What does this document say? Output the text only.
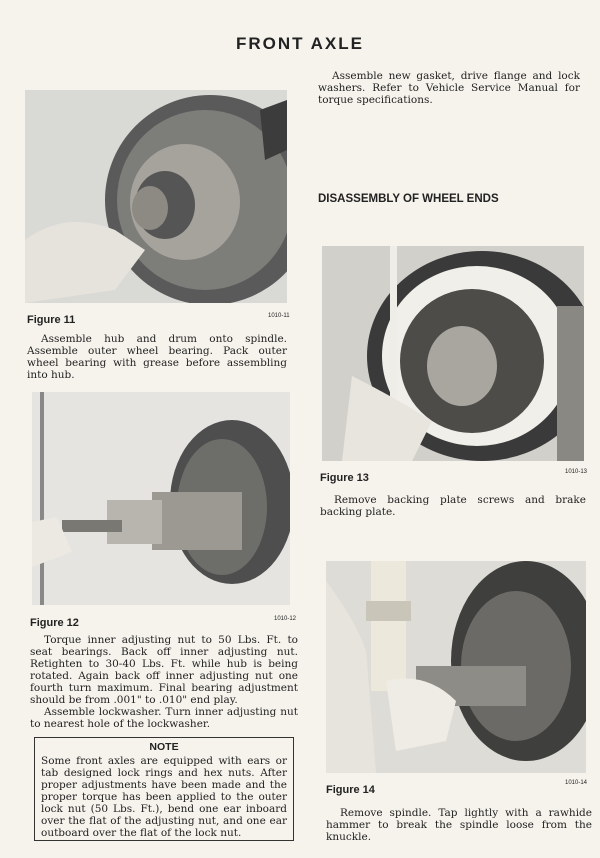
FRONT AXLE
Figure 11	1010-11

Assemble hub and drum onto spindle. Assemble outer wheel bearing. Pack outer wheel bearing with grease before assembling into hub.

Figure 12	1010-12

Torque inner adjusting nut to 50 Lbs. Ft. to seat bearings. Back off inner adjusting nut. Retighten to 30-40 Lbs. Ft. while hub is being rotated. Again back off inner adjusting nut one fourth turn maximum. Final bearing adjustment should be from .001" to .010" end play.

Assemble lockwasher. Turn inner adjusting nut to nearest hole of the lockwasher.

NOTE
Some front axles are equipped with ears or tab designed lock rings and hex nuts. After proper adjustments have been made and the proper torque has been applied to the outer lock nut (50 Lbs. Ft.), bend one ear inboard over the flat of the adjusting nut, and one ear outboard over the flat of the lock nut.

Assemble new gasket, drive flange and lock washers. Refer to Vehicle Service Manual for torque specifications.

DISASSEMBLY OF WHEEL ENDS
Figure 13	1010-13

Remove backing plate screws and brake backing plate.

Figure 14
1010-14

Remove spindle. Tap lightly with a rawhide hammer to break the spindle loose from the knuckle.
